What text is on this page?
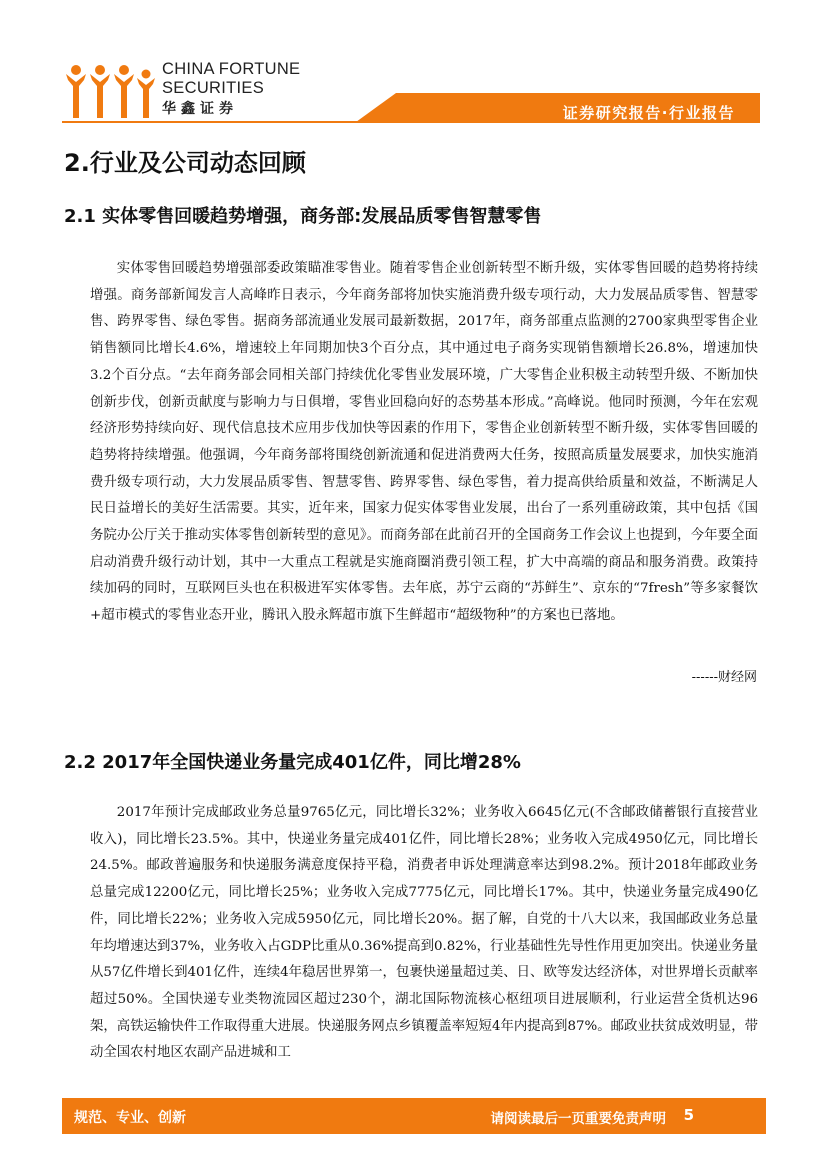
CHINA FORTUNE
SECURITIES
华鑫证券	证券研究报告·行业报告
2.行业及公司动态回顾
2.1 实体零售回暖趋势增强，商务部:发展品质零售智慧零售

实体零售回暖趋势增强部委政策瞄准零售业。随着零售企业创新转型不断升级，实体零售回暖的趋势将持续增强。商务部新闻发言人高峰昨日表示，今年商务部将加快实施消费升级专项行动，大力发展品质零售、智慧零售、跨界零售、绿色零售。据商务部流通业发展司最新数据，2017年，商务部重点监测的2700家典型零售企业销售额同比增长4.6%，增速较上年同期加快3个百分点，其中通过电子商务实现销售额增长26.8%，增速加快3.2个百分点。“去年商务部会同相关部门持续优化零售业发展环境，广大零售企业积极主动转型升级、不断加快创新步伐，创新贡献度与影响力与日俱增，零售业回稳向好的态势基本形成。”高峰说。他同时预测，今年在宏观经济形势持续向好、现代信息技术应用步伐加快等因素的作用下，零售企业创新转型不断升级，实体零售回暖的趋势将持续增强。他强调，今年商务部将围绕创新流通和促进消费两大任务，按照高质量发展要求，加快实施消费升级专项行动，大力发展品质零售、智慧零售、跨界零售、绿色零售，着力提高供给质量和效益，不断满足人民日益增长的美好生活需要。其实，近年来，国家力促实体零售业发展，出台了一系列重磅政策，其中包括《国务院办公厅关于推动实体零售创新转型的意见》。而商务部在此前召开的全国商务工作会议上也提到，今年要全面启动消费升级行动计划，其中一大重点工程就是实施商圈消费引领工程，扩大中高端的商品和服务消费。政策持续加码的同时，互联网巨头也在积极进军实体零售。去年底，苏宁云商的“苏鲜生”、京东的“7fresh”等多家餐饮+超市模式的零售业态开业，腾讯入股永辉超市旗下生鲜超市“超级物种”的方案也已落地。

------财经网
2.2 2017年全国快递业务量完成401亿件，同比增28%

2017年预计完成邮政业务总量9765亿元，同比增长32%；业务收入6645亿元(不含邮政储蓄银行直接营业收入)，同比增长23.5%。其中，快递业务量完成401亿件，同比增长28%；业务收入完成4950亿元，同比增长24.5%。邮政普遍服务和快递服务满意度保持平稳，消费者申诉处理满意率达到98.2%。预计2018年邮政业务总量完成12200亿元，同比增长25%；业务收入完成7775亿元，同比增长17%。其中，快递业务量完成490亿件，同比增长22%；业务收入完成5950亿元，同比增长20%。据了解，自党的十八大以来，我国邮政业务总量年均增速达到37%，业务收入占GDP比重从0.36%提高到0.82%，行业基础性先导性作用更加突出。快递业务量从57亿件增长到401亿件，连续4年稳居世界第一，包裹快递量超过美、日、欧等发达经济体，对世界增长贡献率超过50%。全国快递专业类物流园区超过230个，湖北国际物流核心枢纽项目进展顺利，行业运营全货机达96架，高铁运输快件工作取得重大进展。快递服务网点乡镇覆盖率短短4年内提高到87%。邮政业扶贫成效明显，带动全国农村地区农副产品进城和工

规范、专业、创新	请阅读最后一页重要免责声明 5
